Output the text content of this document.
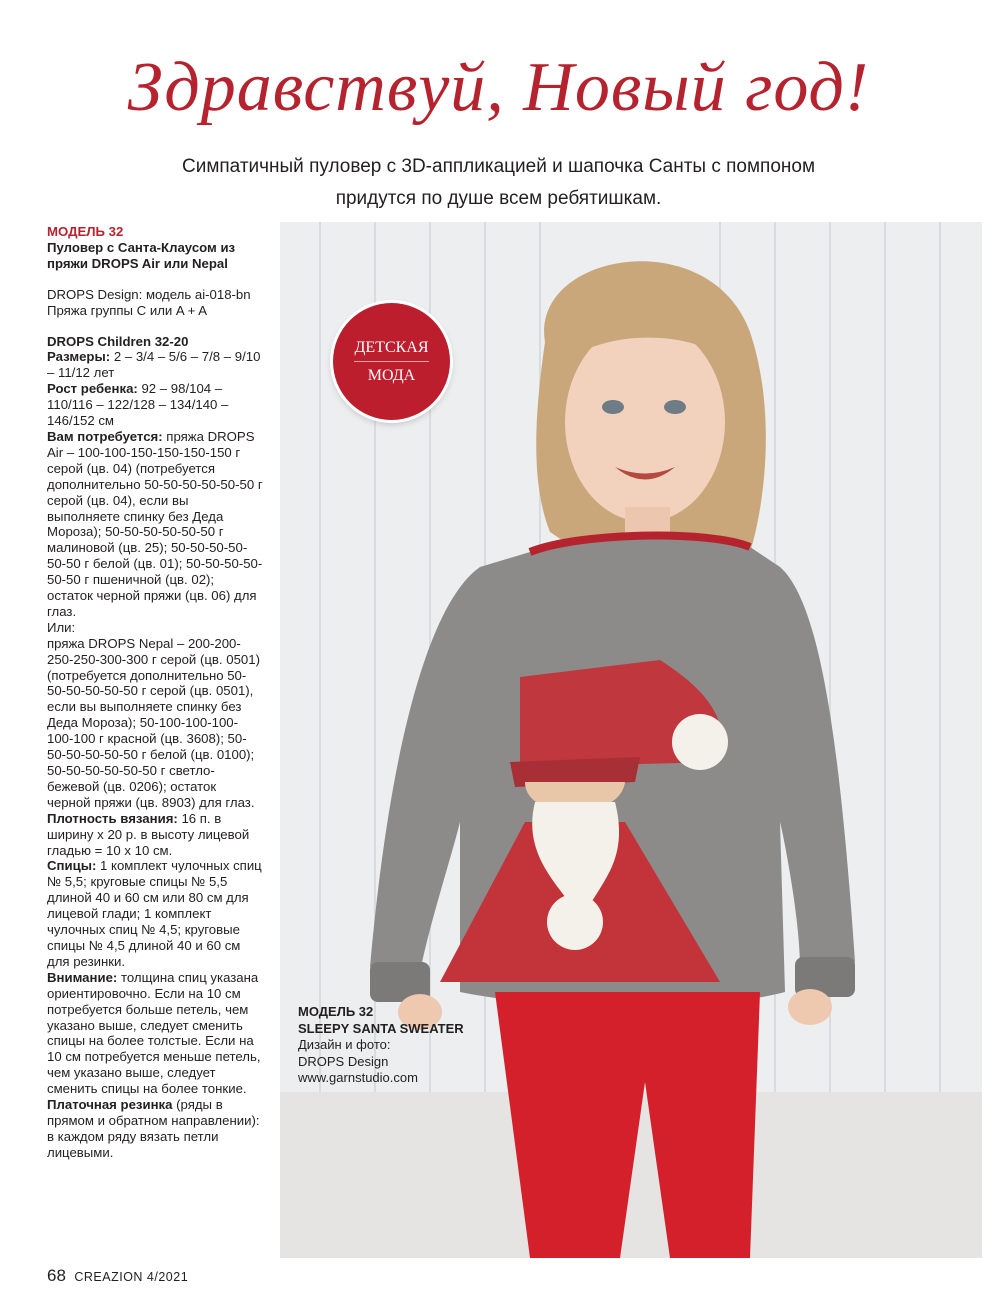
Здравствуй, Новый год!

Симпатичный пуловер с 3D-аппликацией и шапочка Санты с помпоном

придутся по душе всем ребятишкам.

МОДЕЛЬ 32

Пуловер с Санта-Клаусом из пряжи DROPS Air или Nepal

DROPS Design: модель ai-018-bn

Пряжа группы C или A + A

DROPS Children 32-20

Размеры: 2 – 3/4 – 5/6 – 7/8 – 9/10 – 11/12 лет

Рост ребенка: 92 – 98/104 – 110/116 – 122/128 – 134/140 – 146/152 см

Вам потребуется: пряжа DROPS Air – 100-100-150-150-150-150 г серой (цв. 04) (потребуется дополнительно 50-50-50-50-50-50 г серой (цв. 04), если вы выполняете спинку без Деда Мороза); 50-50-50-50-50-50 г малиновой (цв. 25); 50-50-50-50-50-50 г белой (цв. 01); 50-50-50-50-50-50 г пшеничной (цв. 02); остаток черной пряжи (цв. 06) для глаз.

Или:

пряжа DROPS Nepal – 200-200-250-250-300-300 г серой (цв. 0501) (потребуется дополнительно 50-50-50-50-50-50 г серой (цв. 0501), если вы выполняете спинку без Деда Мороза); 50-100-100-100-100-100 г красной (цв. 3608); 50-50-50-50-50-50 г белой (цв. 0100); 50-50-50-50-50-50 г светло-бежевой (цв. 0206); остаток черной пряжи (цв. 8903) для глаз.

Плотность вязания: 16 п. в ширину х 20 р. в высоту лицевой гладью = 10 х 10 см.

Спицы: 1 комплект чулочных спиц № 5,5; круговые спицы № 5,5 длиной 40 и 60 см или 80 см для лицевой глади; 1 комплект чулочных спиц № 4,5; круговые спицы № 4,5 длиной 40 и 60 см для резинки.

Внимание: толщина спиц указана ориентировочно. Если на 10 см потребуется больше петель, чем указано выше, следует сменить спицы на более толстые. Если на 10 см потребуется меньше петель, чем указано выше, следует сменить спицы на более тонкие.

Платочная резинка (ряды в прямом и обратном направлении): в каждом ряду вязать петли лицевыми.

ДЕТСКАЯ
МОДА

МОДЕЛЬ 32

SLEEPY SANTA SWEATER

Дизайн и фото:

DROPS Design

www.garnstudio.com

68 CREAZION 4/2021
